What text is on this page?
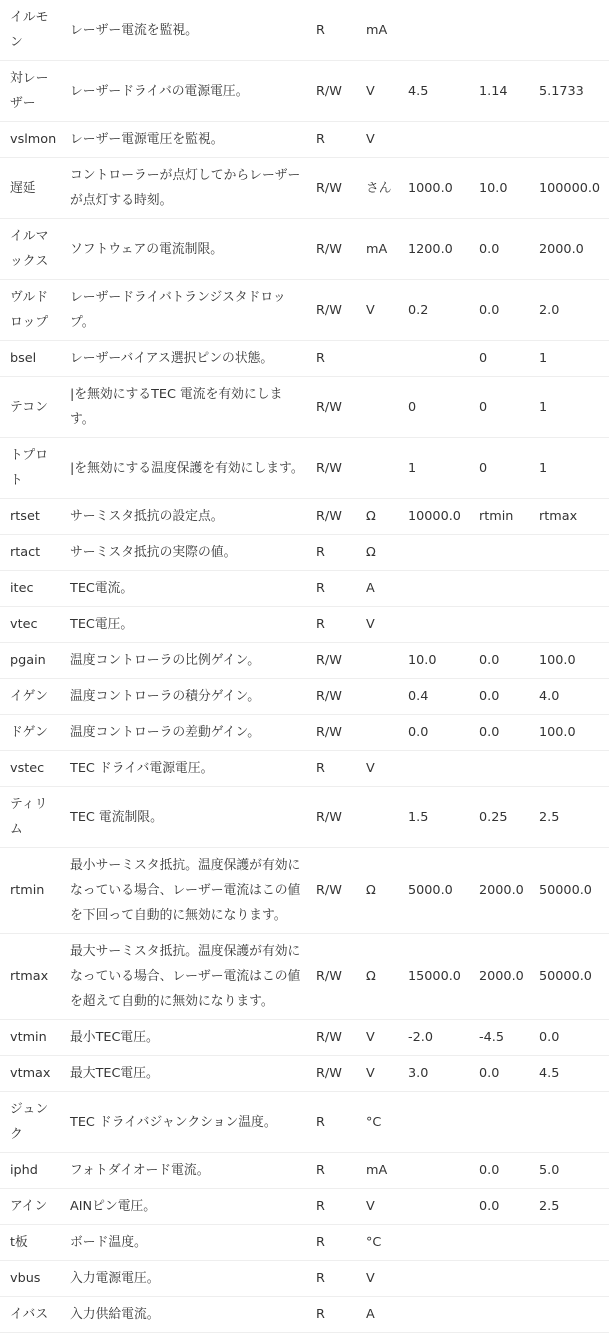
イルモン	レーザー電流を監視。	R	mA			
対レーザー	レーザードライバの電源電圧。	R/W	V	4.5	1.14	5.1733
vslmon	レーザー電源電圧を監視。	R	V			
遅延	コントローラーが点灯してからレーザーが点灯する時刻。	R/W	さん	1000.0	10.0	100000.0
イルマックス	ソフトウェアの電流制限。	R/W	mA	1200.0	0.0	2000.0
ヴルドロップ	レーザードライバトランジスタドロップ。	R/W	V	0.2	0.0	2.0
bsel	レーザーバイアス選択ピンの状態。	R			0	1
テコン	|を無効にするTEC 電流を有効にします。	R/W		0	0	1
トプロト	|を無効にする温度保護を有効にします。	R/W		1	0	1
rtset	サーミスタ抵抗の設定点。	R/W	Ω	10000.0	rtmin	rtmax
rtact	サーミスタ抵抗の実際の値。	R	Ω			
itec	TEC電流。	R	A			
vtec	TEC電圧。	R	V			
pgain	温度コントローラの比例ゲイン。	R/W		10.0	0.0	100.0
イゲン	温度コントローラの積分ゲイン。	R/W		0.4	0.0	4.0
ドゲン	温度コントローラの差動ゲイン。	R/W		0.0	0.0	100.0
vstec	TEC ドライバ電源電圧。	R	V			
ティリム	TEC 電流制限。	R/W		1.5	0.25	2.5
rtmin	最小サーミスタ抵抗。温度保護が有効になっている場合、レーザー電流はこの値を下回って自動的に無効になります。	R/W	Ω	5000.0	2000.0	50000.0
rtmax	最大サーミスタ抵抗。温度保護が有効になっている場合、レーザー電流はこの値を超えて自動的に無効になります。	R/W	Ω	15000.0	2000.0	50000.0
vtmin	最小TEC電圧。	R/W	V	-2.0	-4.5	0.0
vtmax	最大TEC電圧。	R/W	V	3.0	0.0	4.5
ジュンク	TEC ドライバジャンクション温度。	R	°C			
iphd	フォトダイオード電流。	R	mA		0.0	5.0
アイン	AINピン電圧。	R	V		0.0	2.5
t板	ボード温度。	R	°C			
vbus	入力電源電圧。	R	V			
イバス	入力供給電流。	R	A			
